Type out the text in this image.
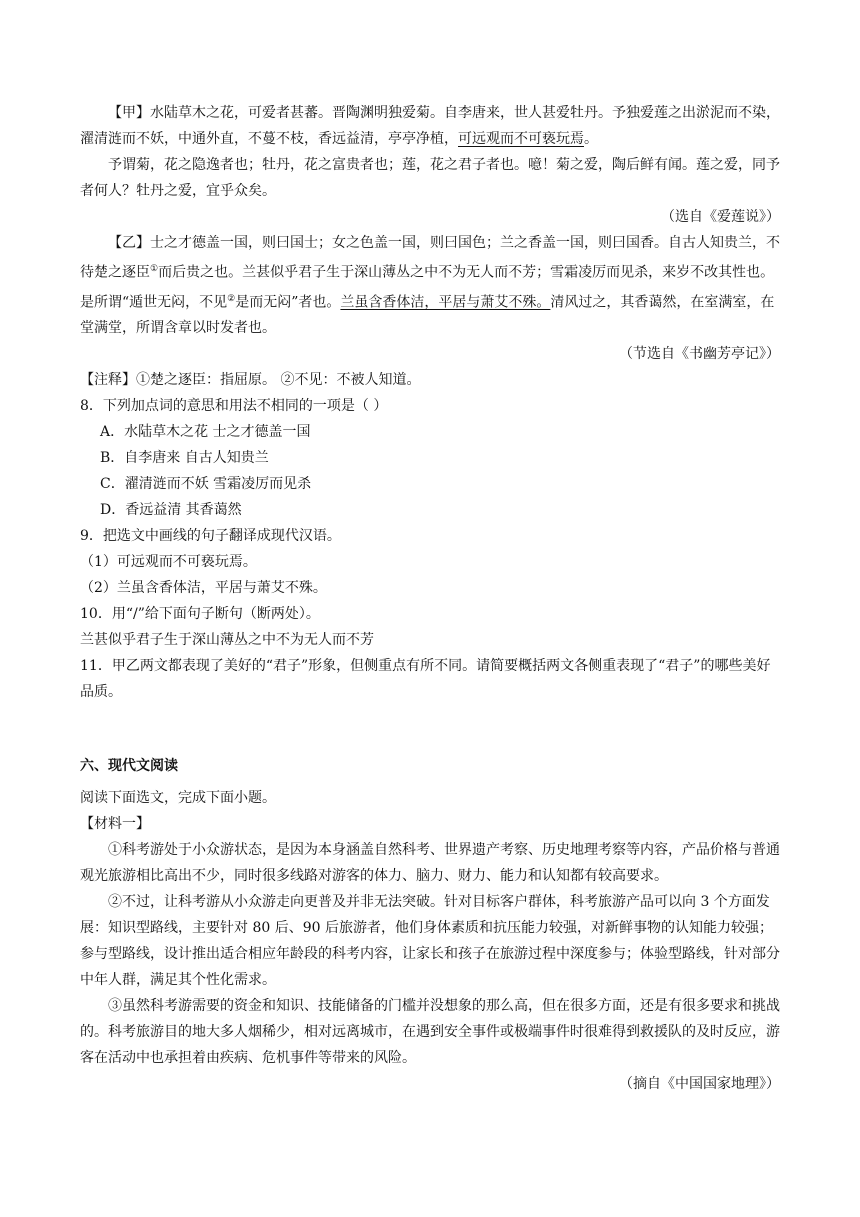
【甲】水陆草木之花，可爱者甚蕃。晋陶渊明独爱菊。自李唐来，世人甚爱牡丹。予独爱莲之出淤泥而不染，濯清涟而不妖，中通外直，不蔓不枝，香远益清，亭亭净植，可远观而不可亵玩焉。

予谓菊，花之隐逸者也；牡丹，花之富贵者也；莲，花之君子者也。噫！菊之爱，陶后鲜有闻。莲之爱，同予者何人？牡丹之爱，宜乎众矣。

（选自《爱莲说》）

【乙】士之才德盖一国，则曰国士；女之色盖一国，则曰国色；兰之香盖一国，则曰国香。自古人知贵兰，不待楚之逐臣①而后贵之也。兰甚似乎君子生于深山薄丛之中不为无人而不芳；雪霜凌厉而见杀，来岁不改其性也。是所谓“遁世无闷，不见②是而无闷”者也。兰虽含香体洁，平居与萧艾不殊。清风过之，其香蔼然，在室满室，在堂满堂，所谓含章以时发者也。

（节选自《书幽芳亭记》）

【注释】①楚之逐臣：指屈原。 ②不见：不被人知道。

8．下列加点词的意思和用法不相同的一项是（ ）

A．水陆草木之花 士之才德盖一国

B．自李唐来 自古人知贵兰

C．濯清涟而不妖 雪霜凌厉而见杀

D．香远益清 其香蔼然

9．把选文中画线的句子翻译成现代汉语。

（1）可远观而不可亵玩焉。

（2）兰虽含香体洁，平居与萧艾不殊。

10．用“/”给下面句子断句（断两处）。

兰甚似乎君子生于深山薄丛之中不为无人而不芳

11．甲乙两文都表现了美好的“君子”形象，但侧重点有所不同。请简要概括两文各侧重表现了“君子”的哪些美好品质。

六、现代文阅读

阅读下面选文，完成下面小题。

【材料一】

①科考游处于小众游状态，是因为本身涵盖自然科考、世界遗产考察、历史地理考察等内容，产品价格与普通观光旅游相比高出不少，同时很多线路对游客的体力、脑力、财力、能力和认知都有较高要求。

②不过，让科考游从小众游走向更普及并非无法突破。针对目标客户群体，科考旅游产品可以向 3 个方面发展：知识型路线，主要针对 80 后、90 后旅游者，他们身体素质和抗压能力较强，对新鲜事物的认知能力较强；参与型路线，设计推出适合相应年龄段的科考内容，让家长和孩子在旅游过程中深度参与；体验型路线，针对部分中年人群，满足其个性化需求。

③虽然科考游需要的资金和知识、技能储备的门槛并没想象的那么高，但在很多方面，还是有很多要求和挑战的。科考旅游目的地大多人烟稀少，相对远离城市，在遇到安全事件或极端事件时很难得到救援队的及时反应，游客在活动中也承担着由疾病、危机事件等带来的风险。

（摘自《中国国家地理》）
